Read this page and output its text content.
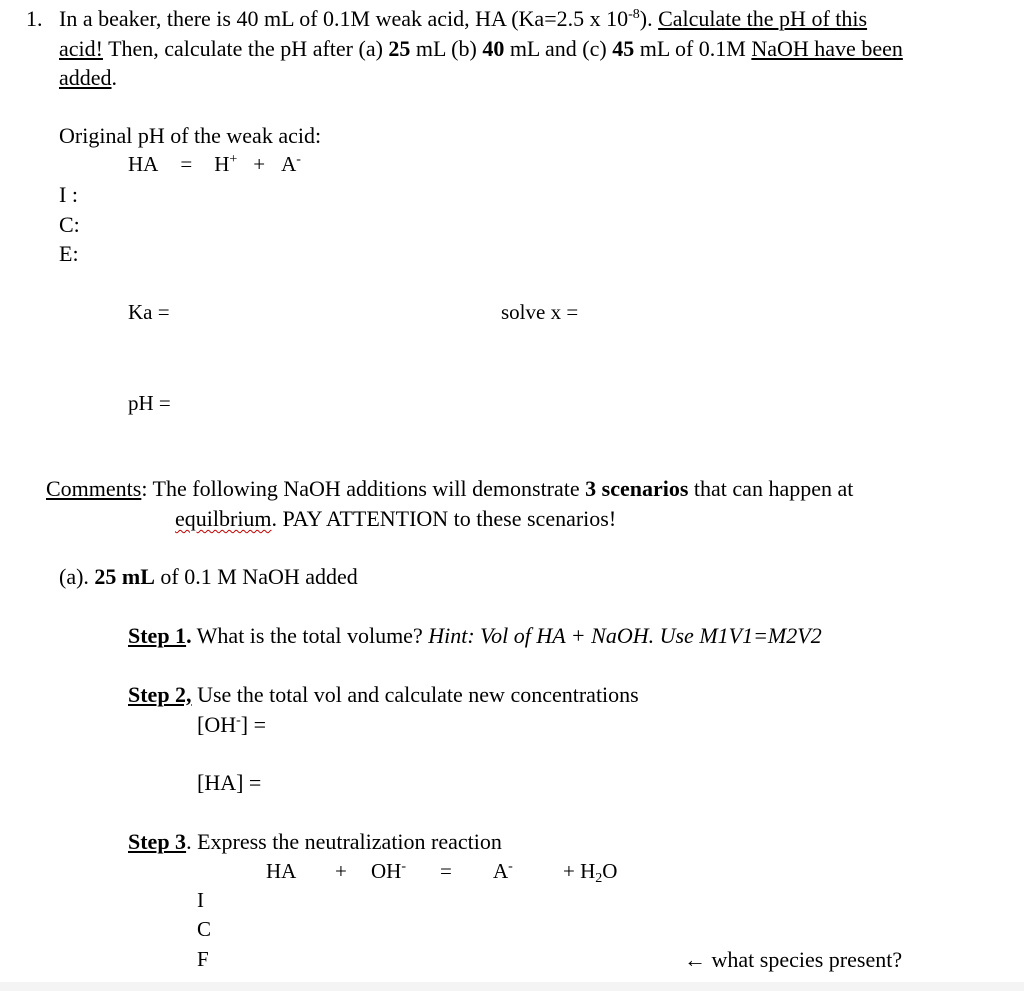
1. In a beaker, there is 40 mL of 0.1M weak acid, HA (Ka=2.5 x $10^{-8}$). Calculate the pH of this
acid! Then, calculate the pH after (a) 25 mL (b) 40 mL and (c) 45 mL of 0.1M NaOH have been
added.
Original pH of the weak acid:
HA = H+ + A-
I :
C:
E:
Ka =	solve x =
pH =
Comments: The following NaOH additions will demonstrate 3 scenarios that can happen at
equilbrium. PAY ATTENTION to these scenarios!
(a). 25 mL of 0.1 M NaOH added
Step 1. What is the total volume? Hint: Vol of HA + NaOH. Use M1V1=M2V2
Step 2, Use the total vol and calculate new concentrations
[OH-] =
[HA] =
Step 3. Express the neutralization reaction
HA + $OH^- = A^- + H_2O$
I
C
F	← what species present?
